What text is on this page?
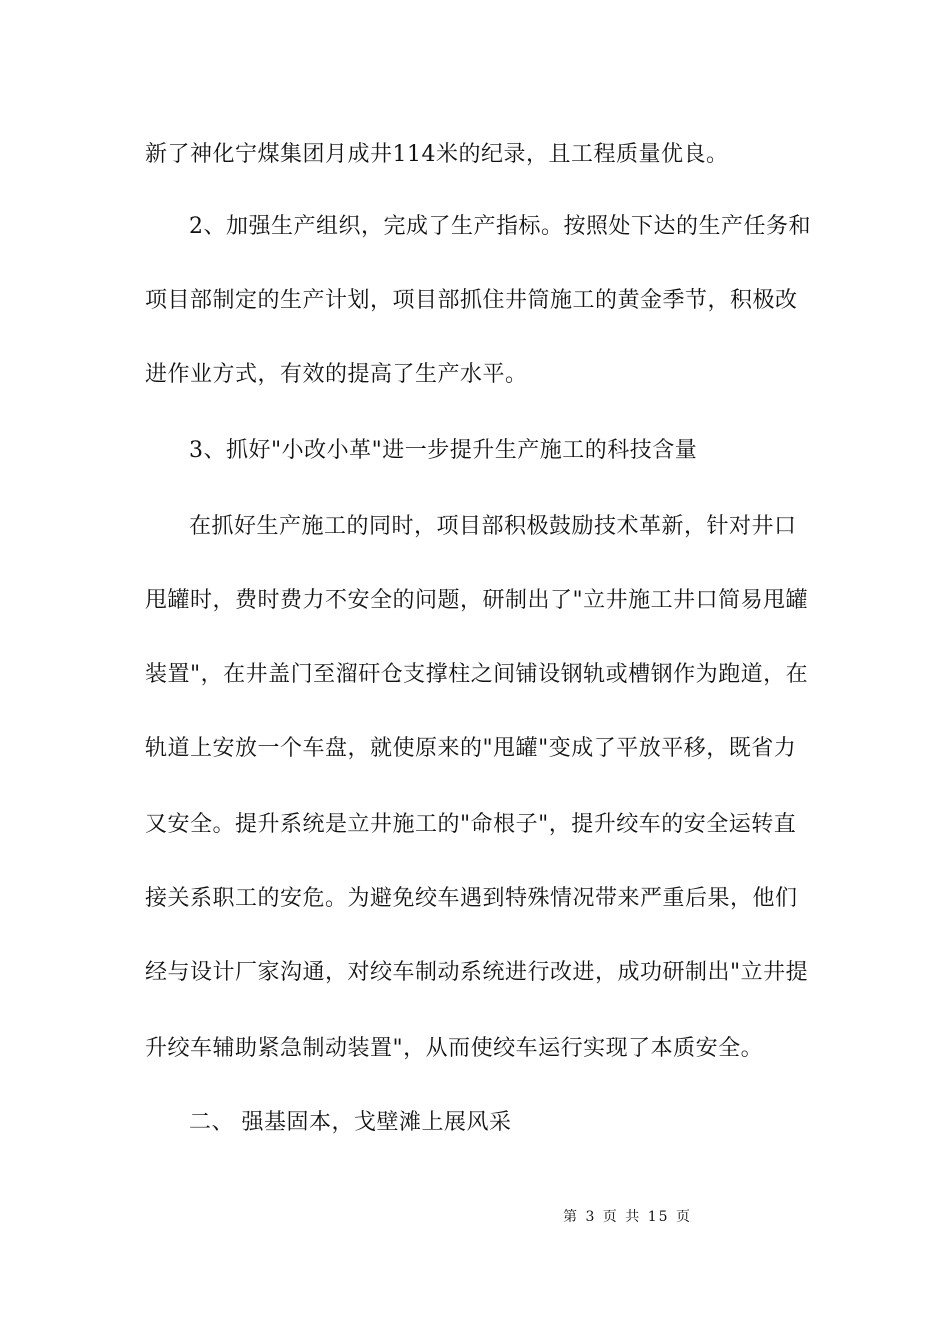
新了神化宁煤集团月成井114米的纪录，且工程质量优良。
2、加强生产组织，完成了生产指标。按照处下达的生产任务和
项目部制定的生产计划，项目部抓住井筒施工的黄金季节，积极改
进作业方式，有效的提高了生产水平。
3、抓好"小改小革"进一步提升生产施工的科技含量
在抓好生产施工的同时，项目部积极鼓励技术革新，针对井口
甩罐时，费时费力不安全的问题，研制出了"立井施工井口简易甩罐
装置"，在井盖门至溜矸仓支撑柱之间铺设钢轨或槽钢作为跑道，在
轨道上安放一个车盘，就使原来的"甩罐"变成了平放平移，既省力
又安全。提升系统是立井施工的"命根子"，提升绞车的安全运转直
接关系职工的安危。为避免绞车遇到特殊情况带来严重后果，他们
经与设计厂家沟通，对绞车制动系统进行改进，成功研制出"立井提
升绞车辅助紧急制动装置"，从而使绞车运行实现了本质安全。
二、 强基固本，戈壁滩上展风采
第 3 页 共 15 页
